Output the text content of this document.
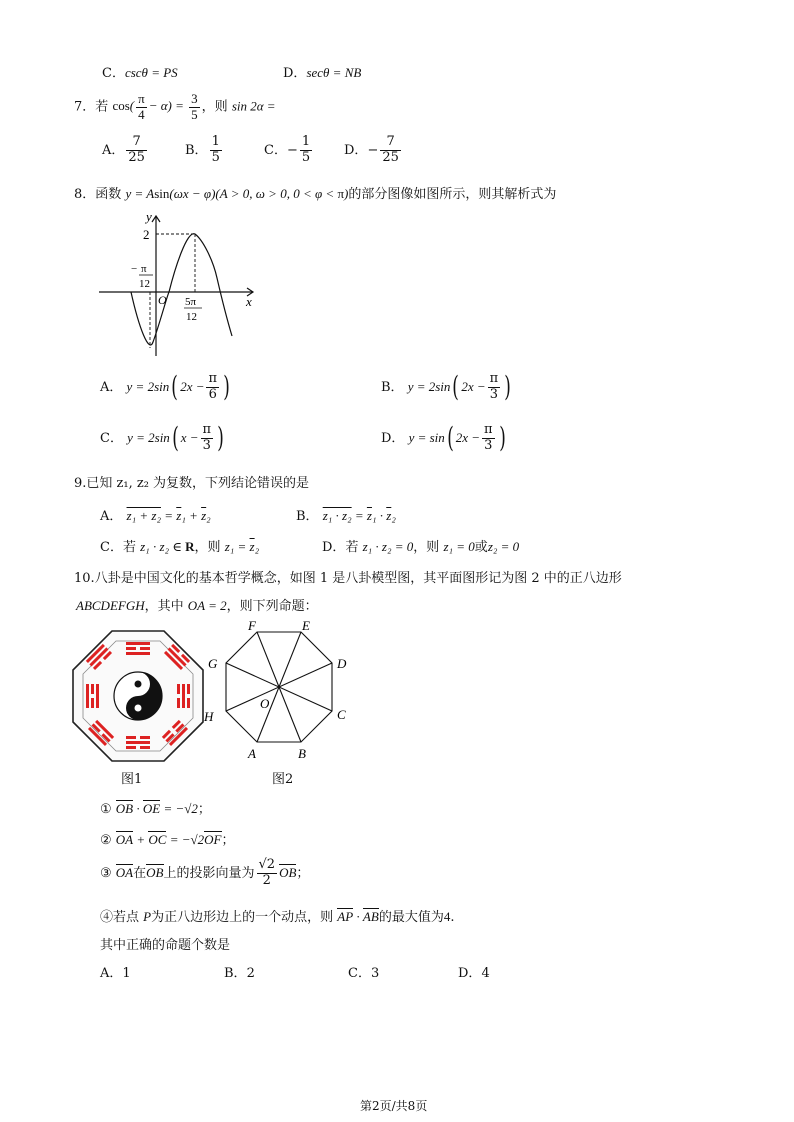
C．cscθ = PS	D．secθ = NB
7．若 $\cos( \frac{\pi}{4} - \alpha) = \frac{3}{5}$ ，则 sin 2α =
A． $\frac{7}{25}$	B． $\frac{1}{5}$	C．− $\frac{1}{5}$ D．− $\frac{7}{25}$
8．函数 y = Asin(ωx − φ)(A > 0, ω > 0, 0 < φ < π)的部分图像如图所示，则其解析式为
y
x
O
2
− π
12
5π
12
A． y = 2sin( $2x - \frac{\pi}{6}$ )	B． y = 2sin( $2x - \frac{\pi}{3}$ )
C． y = 2sin( $x - \frac{\pi}{3}$ )	D． y = sin( $2x - \frac{\pi}{3}$ )
9.已知 z₁, z₂ 为复数，下列结论错误的是
A． $z_1 + z_2 = \overline{z}_1 + \overline{z}_2$	B． $z_1 \cdot z_2 = \overline{z}_1 \cdot \overline{z}_2$
C．若 z₁ · z₂ ∈ R，则 $z_1 = \overline{z}_2$	D．若 z₁ · z₂ = 0，则 z₁ = 0或z₂ = 0
10.八卦是中国文化的基本哲学概念，如图 1 是八卦模型图，其平面图形记为图 2 中的正八边形
ABCDEFGH，其中 OA = 2，则下列命题：
图1
F	E
D
C
B
A
H
G
O
图2
① OB · OE = −√2；
② OA + OC = −√2OF；
③ OA在OB上的投影向量为 $\frac{√2}{2}$ OB；
④若点 P为正八边形边上的一个动点，则 AP · AB的最大值为4.
其中正确的命题个数是
A．1	B．2	C．3	D．4
第2页/共8页
